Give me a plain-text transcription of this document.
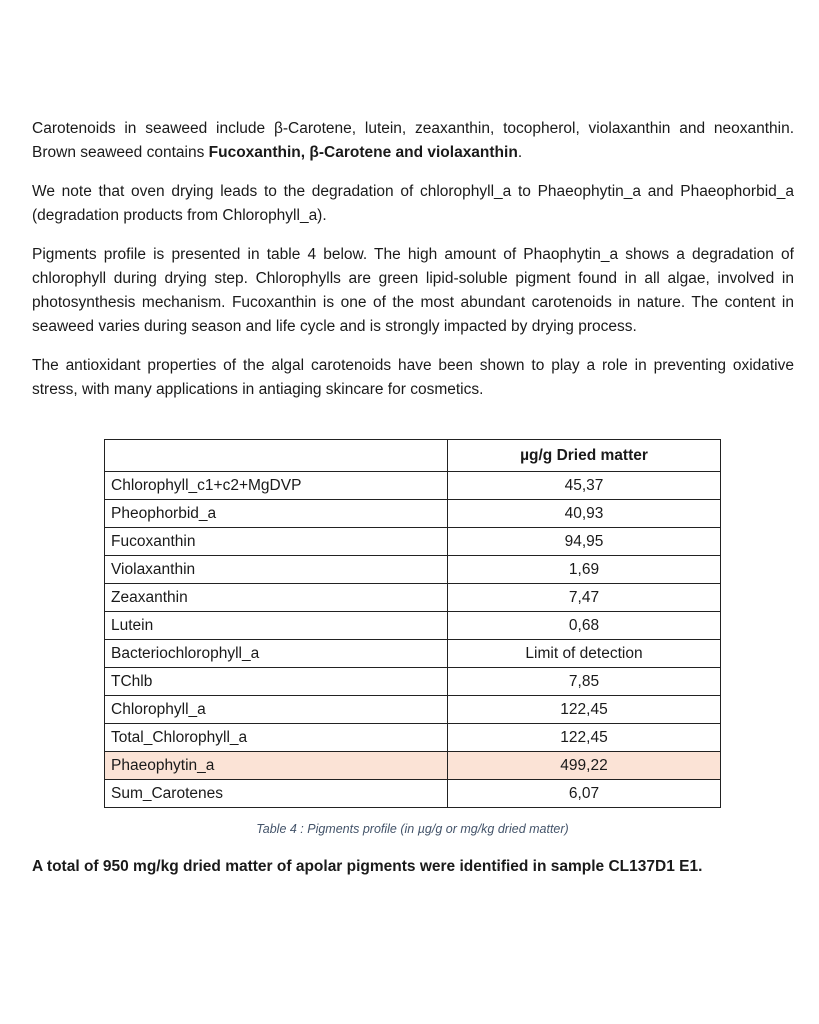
Carotenoids in seaweed include β-Carotene, lutein, zeaxanthin, tocopherol, violaxanthin and neoxanthin. Brown seaweed contains Fucoxanthin, β-Carotene and violaxanthin.

We note that oven drying leads to the degradation of chlorophyll_a to Phaeophytin_a and Phaeophorbid_a (degradation products from Chlorophyll_a).

Pigments profile is presented in table 4 below. The high amount of Phaophytin_a shows a degradation of chlorophyll during drying step. Chlorophylls are green lipid-soluble pigment found in all algae, involved in photosynthesis mechanism. Fucoxanthin is one of the most abundant carotenoids in nature. The content in seaweed varies during season and life cycle and is strongly impacted by drying process.

The antioxidant properties of the algal carotenoids have been shown to play a role in preventing oxidative stress, with many applications in antiaging skincare for cosmetics.

	µg/g Dried matter
Chlorophyll_c1+c2+MgDVP	45,37
Pheophorbid_a	40,93
Fucoxanthin	94,95
Violaxanthin	1,69
Zeaxanthin	7,47
Lutein	0,68
Bacteriochlorophyll_a	Limit of detection
TChlb	7,85
Chlorophyll_a	122,45
Total_Chlorophyll_a	122,45
Phaeophytin_a	499,22
Sum_Carotenes	6,07
Table 4 : Pigments profile (in µg/g or mg/kg dried matter)
A total of 950 mg/kg dried matter of apolar pigments were identified in sample CL137D1 E1.
